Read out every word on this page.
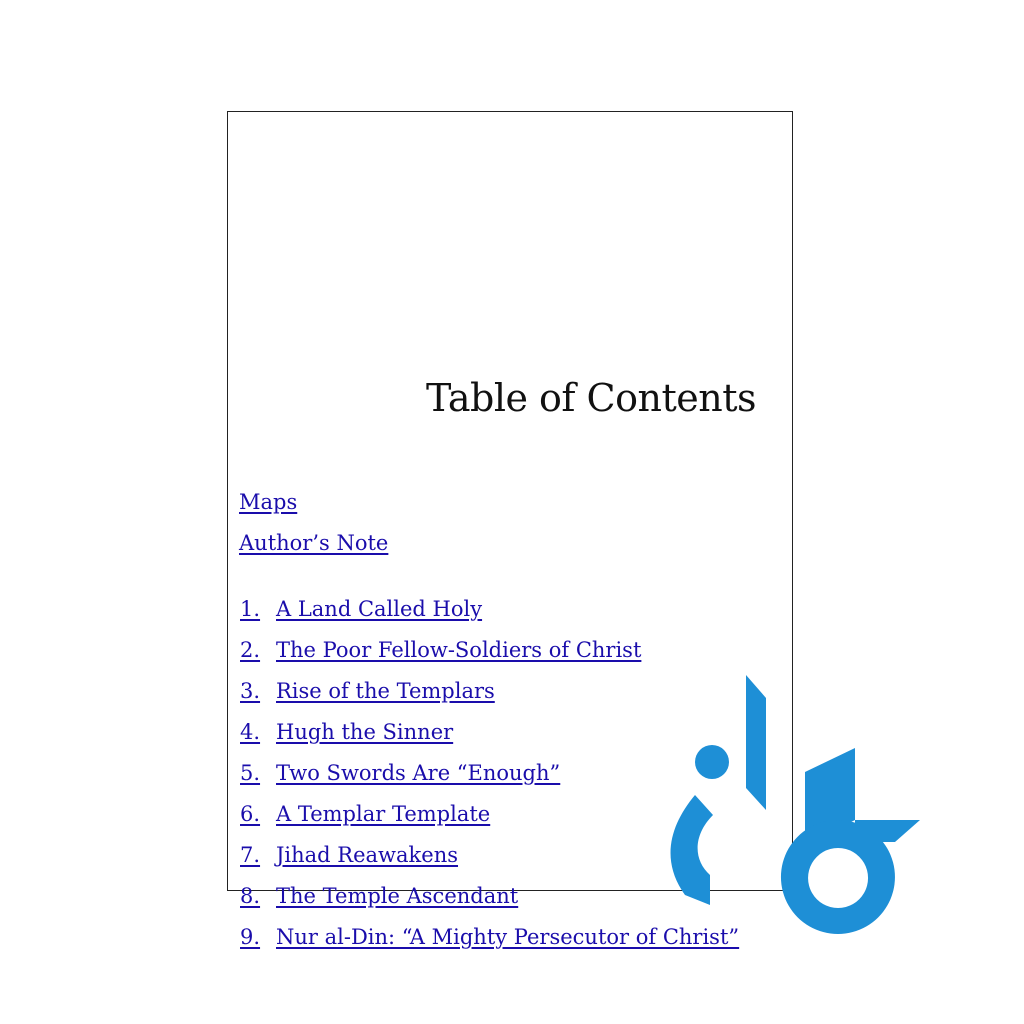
Table of Contents
Maps
Author’s Note
1. A Land Called Holy
2. The Poor Fellow-Soldiers of Christ
3. Rise of the Templars
4. Hugh the Sinner
5. Two Swords Are “Enough”
6. A Templar Template
7. Jihad Reawakens
8. The Temple Ascendant
9. Nur al-Din: “A Mighty Persecutor of Christ”
